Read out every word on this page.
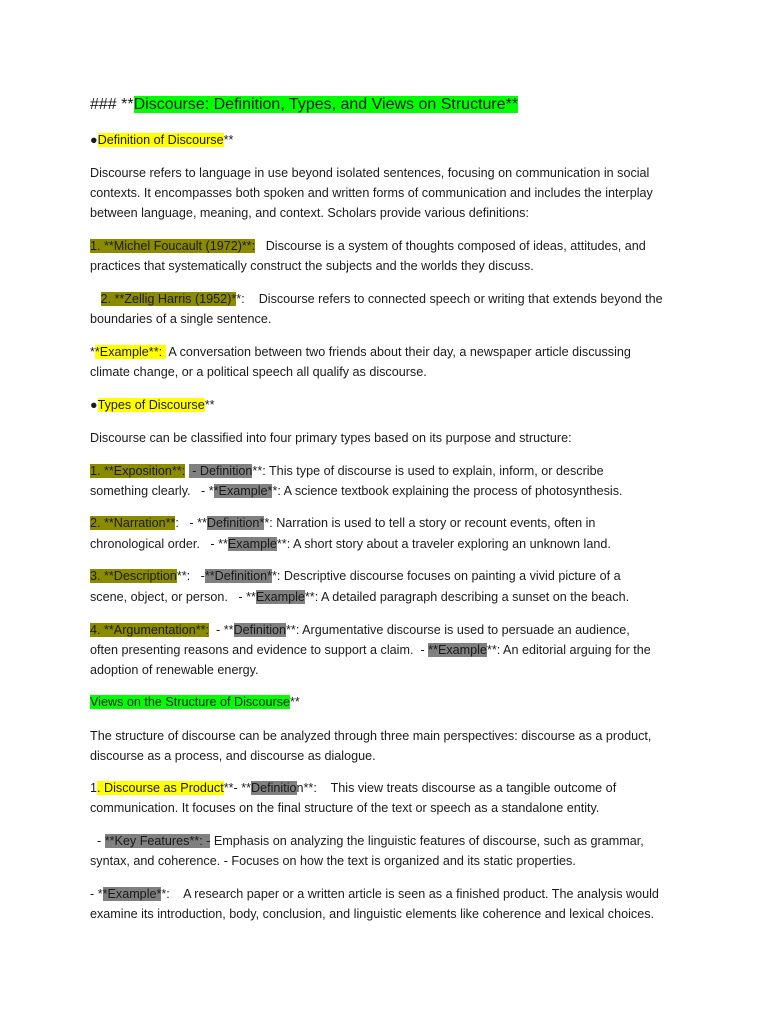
### **Discourse: Definition, Types, and Views on Structure**
●Definition of Discourse**
Discourse refers to language in use beyond isolated sentences, focusing on communication in social
contexts. It encompasses both spoken and written forms of communication and includes the interplay
between language, meaning, and context. Scholars provide various definitions:
1. **Michel Foucault (1972)**:   Discourse is a system of thoughts composed of ideas, attitudes, and
practices that systematically construct the subjects and the worlds they discuss.
2. **Zellig Harris (1952)**:    Discourse refers to connected speech or writing that extends beyond the
boundaries of a single sentence.
**Example**:  A conversation between two friends about their day, a newspaper article discussing
climate change, or a political speech all qualify as discourse.
●Types of Discourse**
Discourse can be classified into four primary types based on its purpose and structure:
1. **Exposition**:  - Definition**: This type of discourse is used to explain, inform, or describe
something clearly.   - **Example**: A science textbook explaining the process of photosynthesis.
2. **Narration**:   - **Definition**: Narration is used to tell a story or recount events, often in
chronological order.   - **Example**: A short story about a traveler exploring an unknown land.
3. **Description**:   -**Definition**: Descriptive discourse focuses on painting a vivid picture of a
scene, object, or person.   - **Example**: A detailed paragraph describing a sunset on the beach.
4. **Argumentation**:  - **Definition**: Argumentative discourse is used to persuade an audience,
often presenting reasons and evidence to support a claim.  - **Example**: An editorial arguing for the
adoption of renewable energy.
Views on the Structure of Discourse**
The structure of discourse can be analyzed through three main perspectives: discourse as a product,
discourse as a process, and discourse as dialogue.
1. Discourse as Product**- **Definition**:    This view treats discourse as a tangible outcome of
communication. It focuses on the final structure of the text or speech as a standalone entity.
- **Key Features**: - Emphasis on analyzing the linguistic features of discourse, such as grammar,
syntax, and coherence. - Focuses on how the text is organized and its static properties.
- **Example**:    A research paper or a written article is seen as a finished product. The analysis would
examine its introduction, body, conclusion, and linguistic elements like coherence and lexical choices.
